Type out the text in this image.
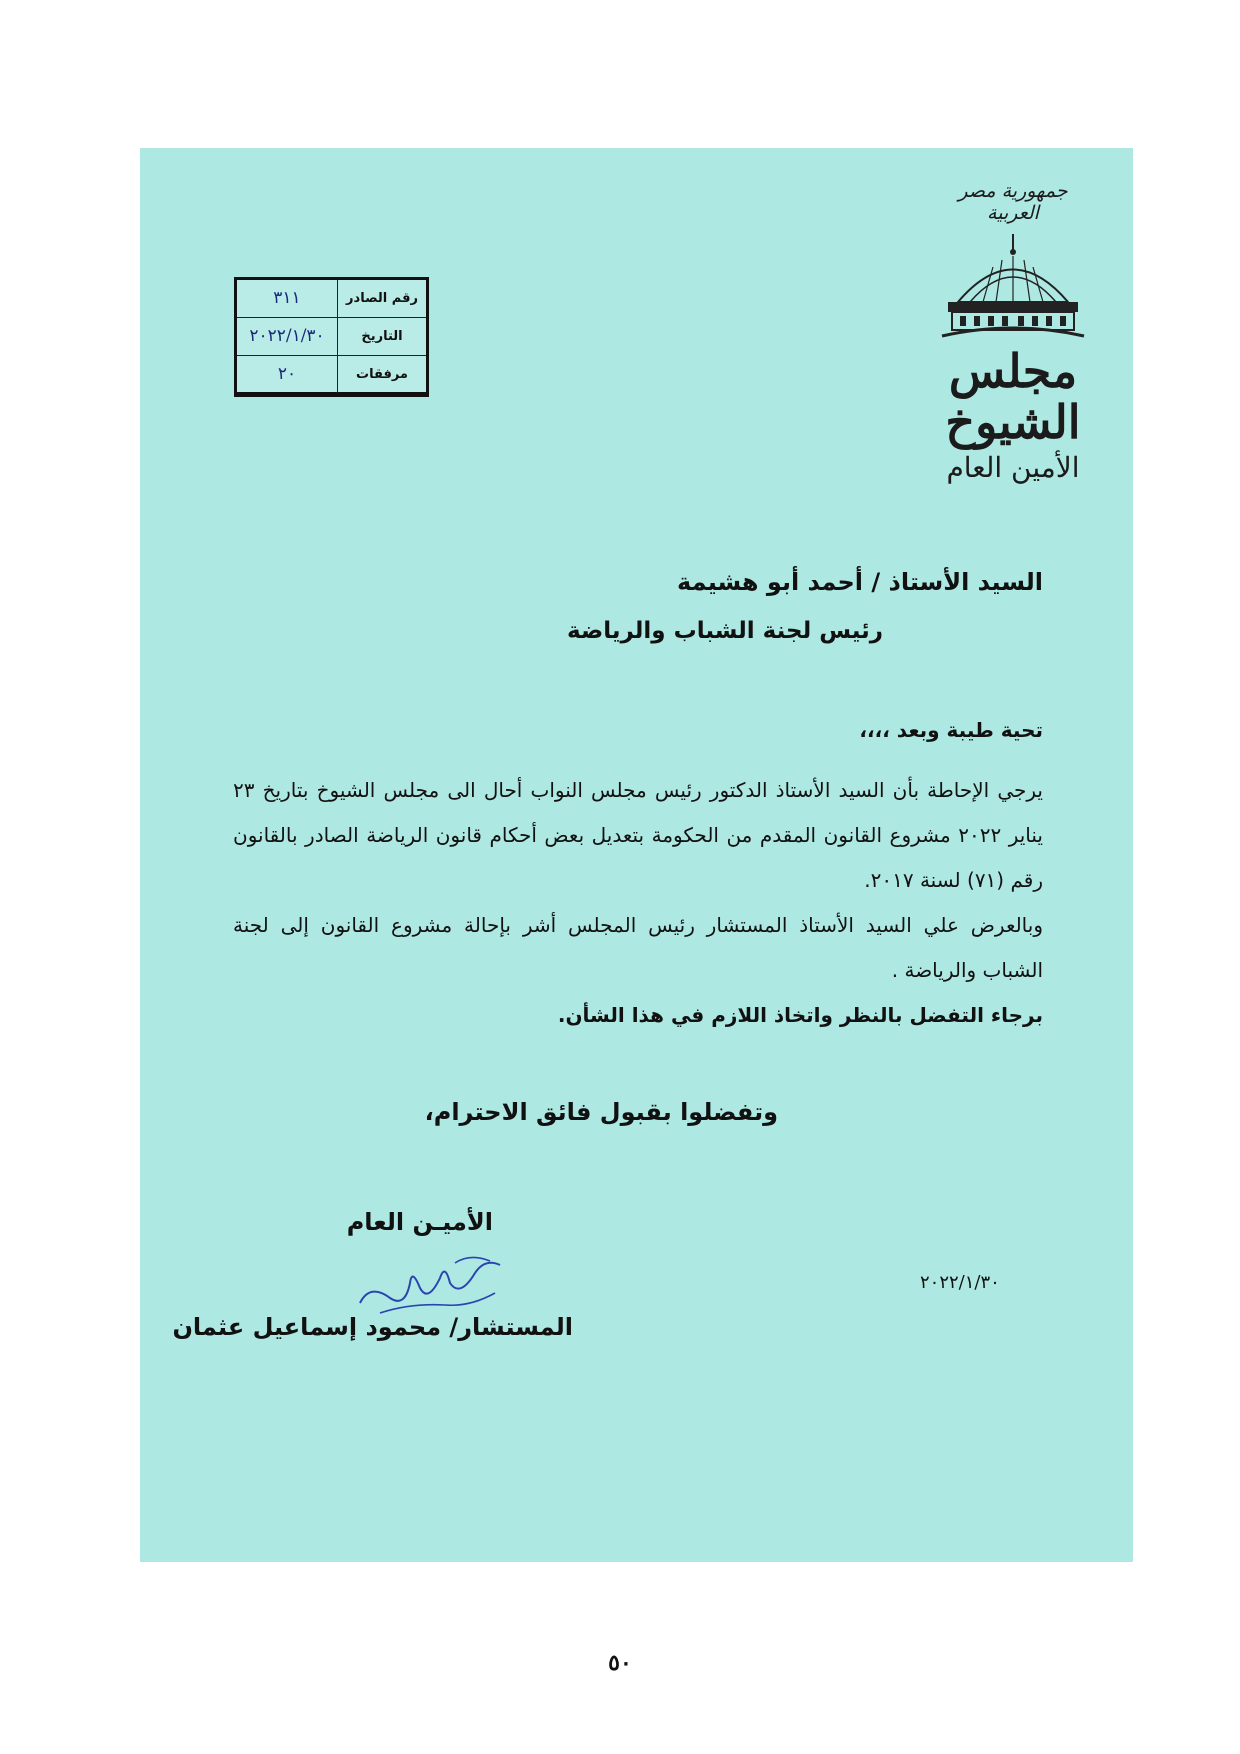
رقم الصادر
٣١١
التاريخ
٢٠٢٢/١/٣٠
مرفقات
٢٠
جمهورية مصر العربية
مجلس الشيوخ
الأمين العام
السيد الأستاذ / أحمد أبو هشيمة
رئيس لجنة الشباب والرياضة
تحية طيبة وبعد ،،،،

يرجي الإحاطة بأن السيد الأستاذ الدكتور رئيس مجلس النواب أحال الى مجلس الشيوخ بتاريخ ٢٣ يناير ٢٠٢٢ مشروع القانون المقدم من الحكومة بتعديل بعض أحكام قانون الرياضة الصادر بالقانون رقم (٧١) لسنة ٢٠١٧.

وبالعرض علي السيد الأستاذ المستشار رئيس المجلس أشر بإحالة مشروع القانون إلى لجنة الشباب والرياضة .

برجاء التفضل بالنظر واتخاذ اللازم في هذا الشأن.
وتفضلوا بقبول فائق الاحترام،
الأميـن العام
المستشار/ محمود إسماعيل عثمان
٢٠٢٢/١/٣٠
٥٠
